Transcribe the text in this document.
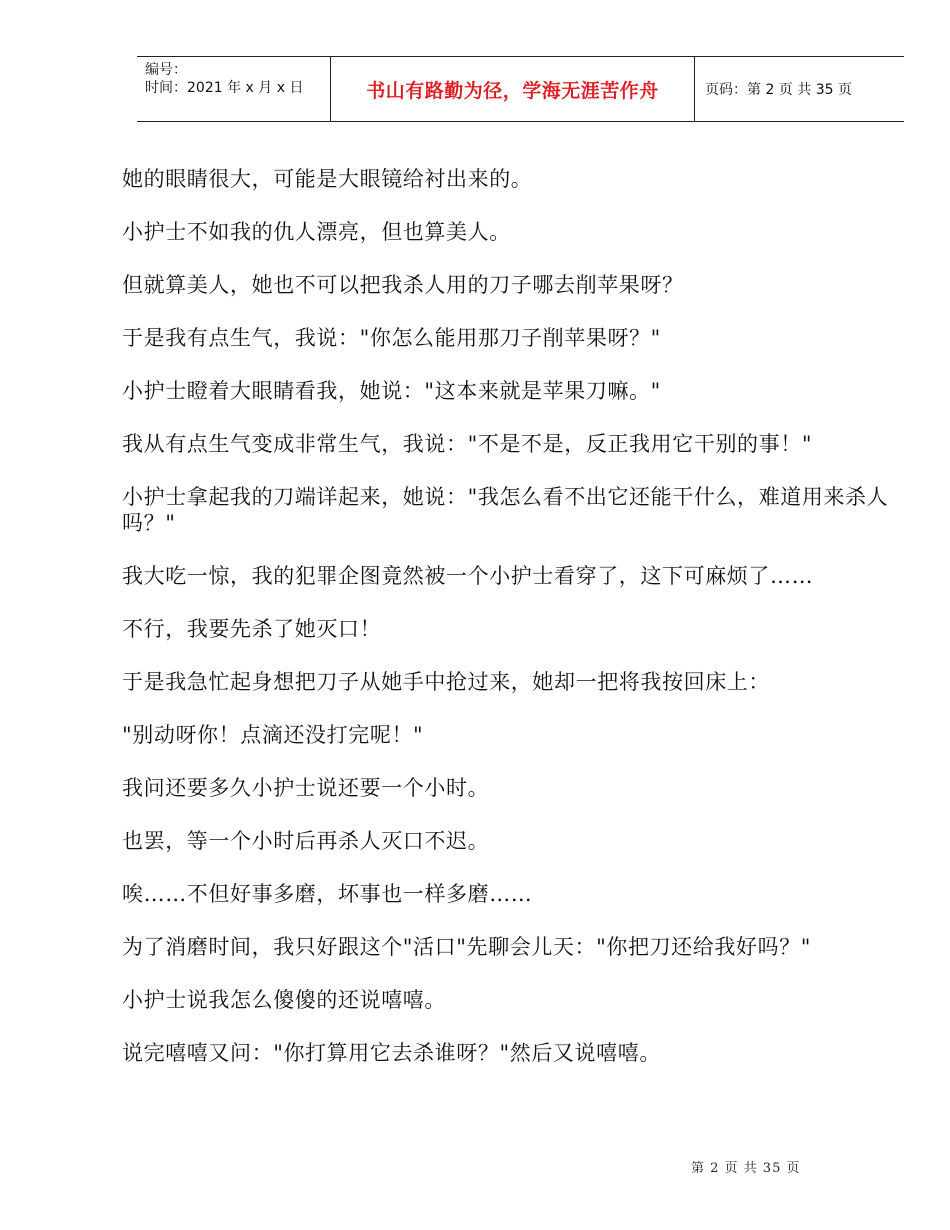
编号：
时间：2021 年 x 月 x 日	书山有路勤为径，学海无涯苦作舟	页码：第 2 页 共 35 页

她的眼睛很大，可能是大眼镜给衬出来的。

小护士不如我的仇人漂亮，但也算美人。

但就算美人，她也不可以把我杀人用的刀子哪去削苹果呀？

于是我有点生气，我说："你怎么能用那刀子削苹果呀？"

小护士瞪着大眼睛看我，她说："这本来就是苹果刀嘛。"

我从有点生气变成非常生气，我说："不是不是，反正我用它干别的事！"

小护士拿起我的刀端详起来，她说："我怎么看不出它还能干什么，难道用来杀人吗？"

我大吃一惊，我的犯罪企图竟然被一个小护士看穿了，这下可麻烦了……

不行，我要先杀了她灭口！

于是我急忙起身想把刀子从她手中抢过来，她却一把将我按回床上：

"别动呀你！点滴还没打完呢！"

我问还要多久小护士说还要一个小时。

也罢，等一个小时后再杀人灭口不迟。

唉……不但好事多磨，坏事也一样多磨……

为了消磨时间，我只好跟这个"活口"先聊会儿天："你把刀还给我好吗？"

小护士说我怎么傻傻的还说嘻嘻。

说完嘻嘻又问："你打算用它去杀谁呀？"然后又说嘻嘻。

第 2 页 共 35 页
